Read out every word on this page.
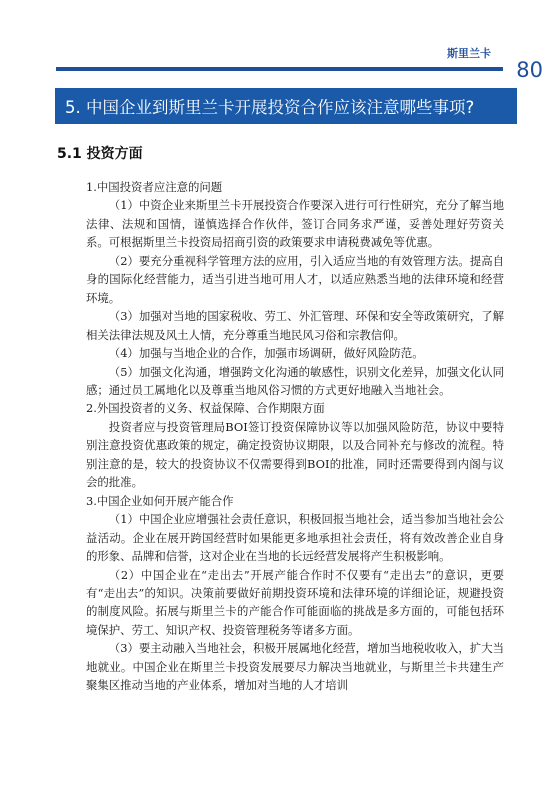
斯里兰卡
80
5. 中国企业到斯里兰卡开展投资合作应该注意哪些事项?
5.1 投资方面

1.中国投资者应注意的问题

（1）中资企业来斯里兰卡开展投资合作要深入进行可行性研究，充分了解当地法律、法规和国情，谨慎选择合作伙伴，签订合同务求严谨，妥善处理好劳资关系。可根据斯里兰卡投资局招商引资的政策要求申请税费减免等优惠。

（2）要充分重视科学管理方法的应用，引入适应当地的有效管理方法。提高自身的国际化经营能力，适当引进当地可用人才，以适应熟悉当地的法律环境和经营环境。

（3）加强对当地的国家税收、劳工、外汇管理、环保和安全等政策研究，了解相关法律法规及风土人情，充分尊重当地民风习俗和宗教信仰。

（4）加强与当地企业的合作，加强市场调研，做好风险防范。

（5）加强文化沟通，增强跨文化沟通的敏感性，识别文化差异，加强文化认同感；通过员工属地化以及尊重当地风俗习惯的方式更好地融入当地社会。

2.外国投资者的义务、权益保障、合作期限方面

投资者应与投资管理局BOI签订投资保障协议等以加强风险防范，协议中要特别注意投资优惠政策的规定，确定投资协议期限，以及合同补充与修改的流程。特别注意的是，较大的投资协议不仅需要得到BOI的批准，同时还需要得到内阁与议会的批准。

3.中国企业如何开展产能合作

（1）中国企业应增强社会责任意识，积极回报当地社会，适当参加当地社会公益活动。企业在展开跨国经营时如果能更多地承担社会责任，将有效改善企业自身的形象、品牌和信誉，这对企业在当地的长远经营发展将产生积极影响。

（2）中国企业在“走出去”开展产能合作时不仅要有“走出去”的意识，更要有“走出去”的知识。决策前要做好前期投资环境和法律环境的详细论证，规避投资的制度风险。拓展与斯里兰卡的产能合作可能面临的挑战是多方面的，可能包括环境保护、劳工、知识产权、投资管理税务等诸多方面。

（3）要主动融入当地社会，积极开展属地化经营，增加当地税收收入，扩大当地就业。中国企业在斯里兰卡投资发展要尽力解决当地就业，与斯里兰卡共建生产聚集区推动当地的产业体系，增加对当地的人才培训
